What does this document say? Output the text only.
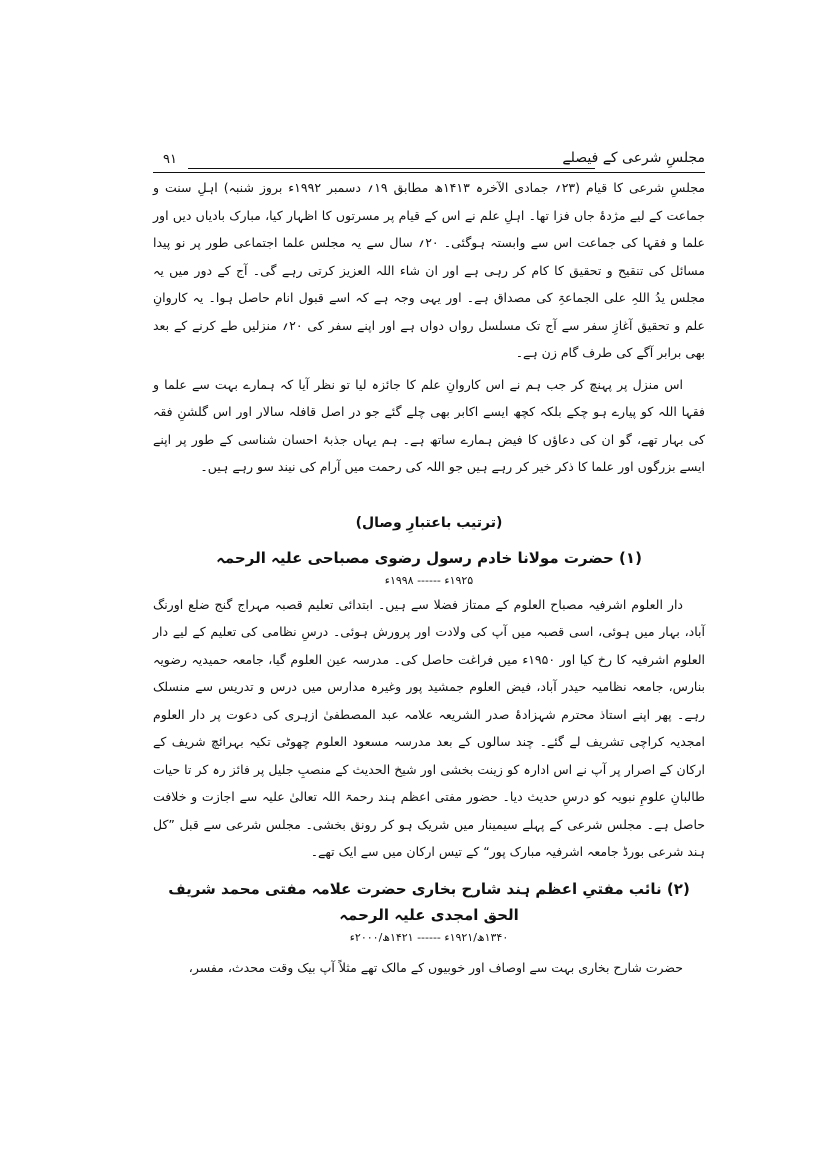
مجلسِ شرعی کے فیصلے
۹۱

مجلسِ شرعی کا قیام (۲۳؍ جمادی الآخرہ ۱۴۱۳ھ مطابق ۱۹؍ دسمبر ۱۹۹۲ء بروز شنبہ) اہلِ سنت و جماعت کے لیے مژدۂ جاں فزا تھا۔ اہلِ علم نے اس کے قیام پر مسرتوں کا اظہار کیا، مبارک بادیاں دیں اور علما و فقہا کی جماعت اس سے وابستہ ہوگئی۔ ۲۰؍ سال سے یہ مجلس علما اجتماعی طور پر نو پیدا مسائل کی تنقیح و تحقیق کا کام کر رہی ہے اور ان شاء اللہ العزیز کرتی رہے گی۔ آج کے دور میں یہ مجلس یدُ اللہِ علی الجماعۃِ کی مصداق ہے۔ اور یہی وجہ ہے کہ اسے قبول انام حاصل ہوا۔ یہ کاروانِ علم و تحقیق آغازِ سفر سے آج تک مسلسل رواں دواں ہے اور اپنے سفر کی ۲۰؍ منزلیں طے کرنے کے بعد بھی برابر آگے کی طرف گام زن ہے۔

اس منزل پر پہنچ کر جب ہم نے اس کاروانِ علم کا جائزہ لیا تو نظر آیا کہ ہمارے بہت سے علما و فقہا اللہ کو پیارے ہو چکے بلکہ کچھ ایسے اکابر بھی چلے گئے جو در اصل قافلہ سالار اور اس گلشنِ فقہ کی بہار تھے، گو ان کی دعاؤں کا فیض ہمارے ساتھ ہے۔ ہم یہاں جذبۂ احسان شناسی کے طور پر اپنے ایسے بزرگوں اور علما کا ذکر خیر کر رہے ہیں جو اللہ کی رحمت میں آرام کی نیند سو رہے ہیں۔

(ترتیب باعتبارِ وصال)
(۱) حضرت مولانا خادم رسول رضوی مصباحی علیہ الرحمہ
۱۹۲۵ء ------ ۱۹۹۸ء

دار العلوم اشرفیہ مصباح العلوم کے ممتاز فضلا سے ہیں۔ ابتدائی تعلیم قصبہ مہراج گنج ضلع اورنگ آباد، بہار میں ہوئی، اسی قصبہ میں آپ کی ولادت اور پرورش ہوئی۔ درسِ نظامی کی تعلیم کے لیے دار العلوم اشرفیہ کا رخ کیا اور ۱۹۵۰ء میں فراغت حاصل کی۔ مدرسہ عین العلوم گیا، جامعہ حمیدیہ رضویہ بنارس، جامعہ نظامیہ حیدر آباد، فیض العلوم جمشید پور وغیرہ مدارس میں درس و تدریس سے منسلک رہے۔ پھر اپنے استاذ محترم شہزادۂ صدر الشریعہ علامہ عبد المصطفیٰ ازہری کی دعوت پر دار العلوم امجدیہ کراچی تشریف لے گئے۔ چند سالوں کے بعد مدرسہ مسعود العلوم چھوٹی تکیہ بہرائچ شریف کے ارکان کے اصرار پر آپ نے اس ادارہ کو زینت بخشی اور شیخ الحدیث کے منصبِ جلیل پر فائز رہ کر تا حیات طالبانِ علومِ نبویہ کو درسِ حدیث دیا۔ حضور مفتی اعظم ہند رحمۃ اللہ تعالیٰ علیہ سے اجازت و خلافت حاصل ہے۔ مجلس شرعی کے پہلے سیمینار میں شریک ہو کر رونق بخشی۔ مجلس شرعی سے قبل ”کل ہند شرعی بورڈ جامعہ اشرفیہ مبارک پور“ کے تیس ارکان میں سے ایک تھے۔

(۲) نائب مفتیِ اعظم ہند شارح بخاری حضرت علامہ مفتی محمد شریف الحق امجدی علیہ الرحمہ
۱۳۴۰ھ/۱۹۲۱ء ------ ۱۴۲۱ھ/۲۰۰۰ء

حضرت شارح بخاری بہت سے اوصاف اور خوبیوں کے مالک تھے مثلاً آپ بیک وقت محدث، مفسر،
